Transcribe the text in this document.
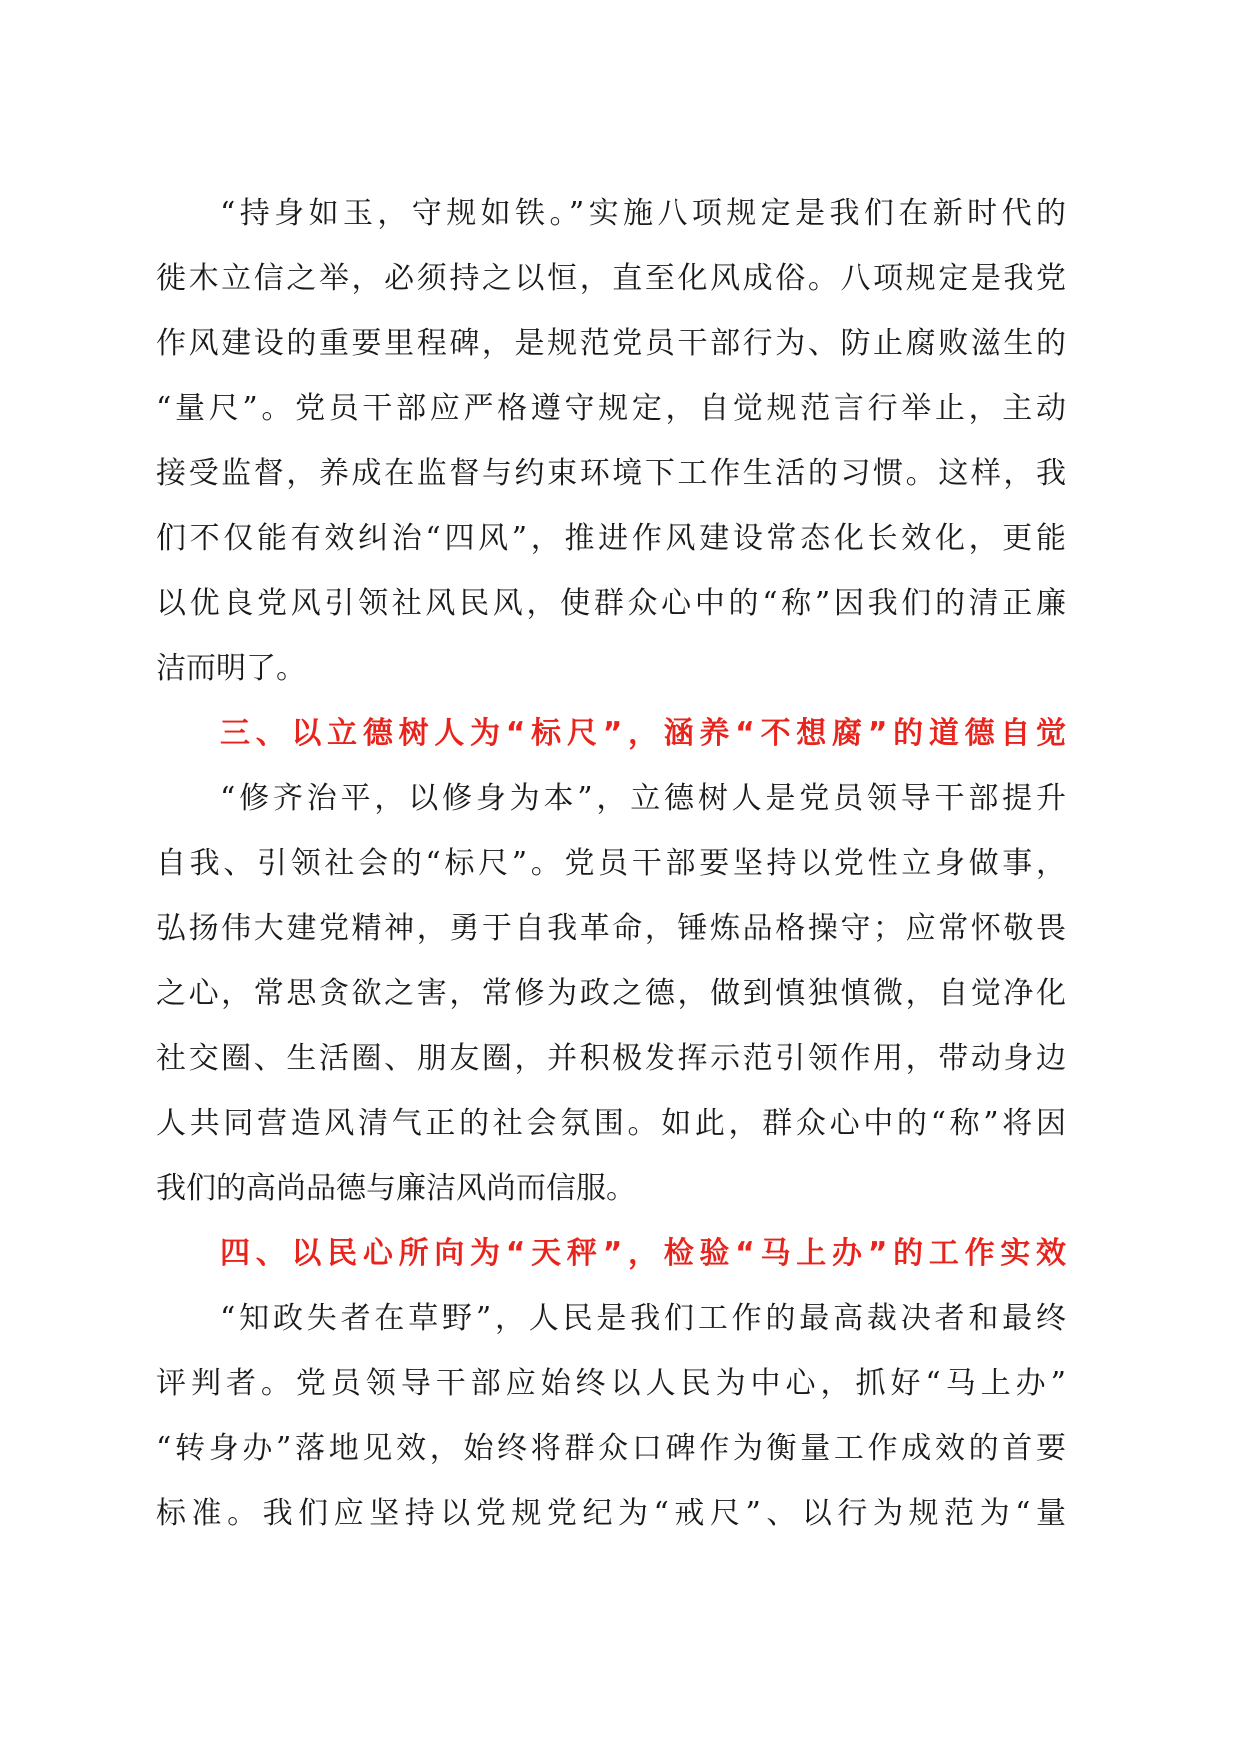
“持身如玉，守规如铁。”实施八项规定是我们在新时代的
徙木立信之举，必须持之以恒，直至化风成俗。八项规定是我党
作风建设的重要里程碑，是规范党员干部行为、防止腐败滋生的
“量尺”。党员干部应严格遵守规定，自觉规范言行举止，主动
接受监督，养成在监督与约束环境下工作生活的习惯。这样，我
们不仅能有效纠治“四风”，推进作风建设常态化长效化，更能
以优良党风引领社风民风，使群众心中的“称”因我们的清正廉
洁而明了。
三、以立德树人为“标尺”，涵养“不想腐”的道德自觉
“修齐治平，以修身为本”，立德树人是党员领导干部提升
自我、引领社会的“标尺”。党员干部要坚持以党性立身做事，
弘扬伟大建党精神，勇于自我革命，锤炼品格操守；应常怀敬畏
之心，常思贪欲之害，常修为政之德，做到慎独慎微，自觉净化
社交圈、生活圈、朋友圈，并积极发挥示范引领作用，带动身边
人共同营造风清气正的社会氛围。如此，群众心中的“称”将因
我们的高尚品德与廉洁风尚而信服。
四、以民心所向为“天秤”，检验“马上办”的工作实效
“知政失者在草野”，人民是我们工作的最高裁决者和最终
评判者。党员领导干部应始终以人民为中心，抓好“马上办”
“转身办”落地见效，始终将群众口碑作为衡量工作成效的首要
标准。我们应坚持以党规党纪为“戒尺”、以行为规范为“量
